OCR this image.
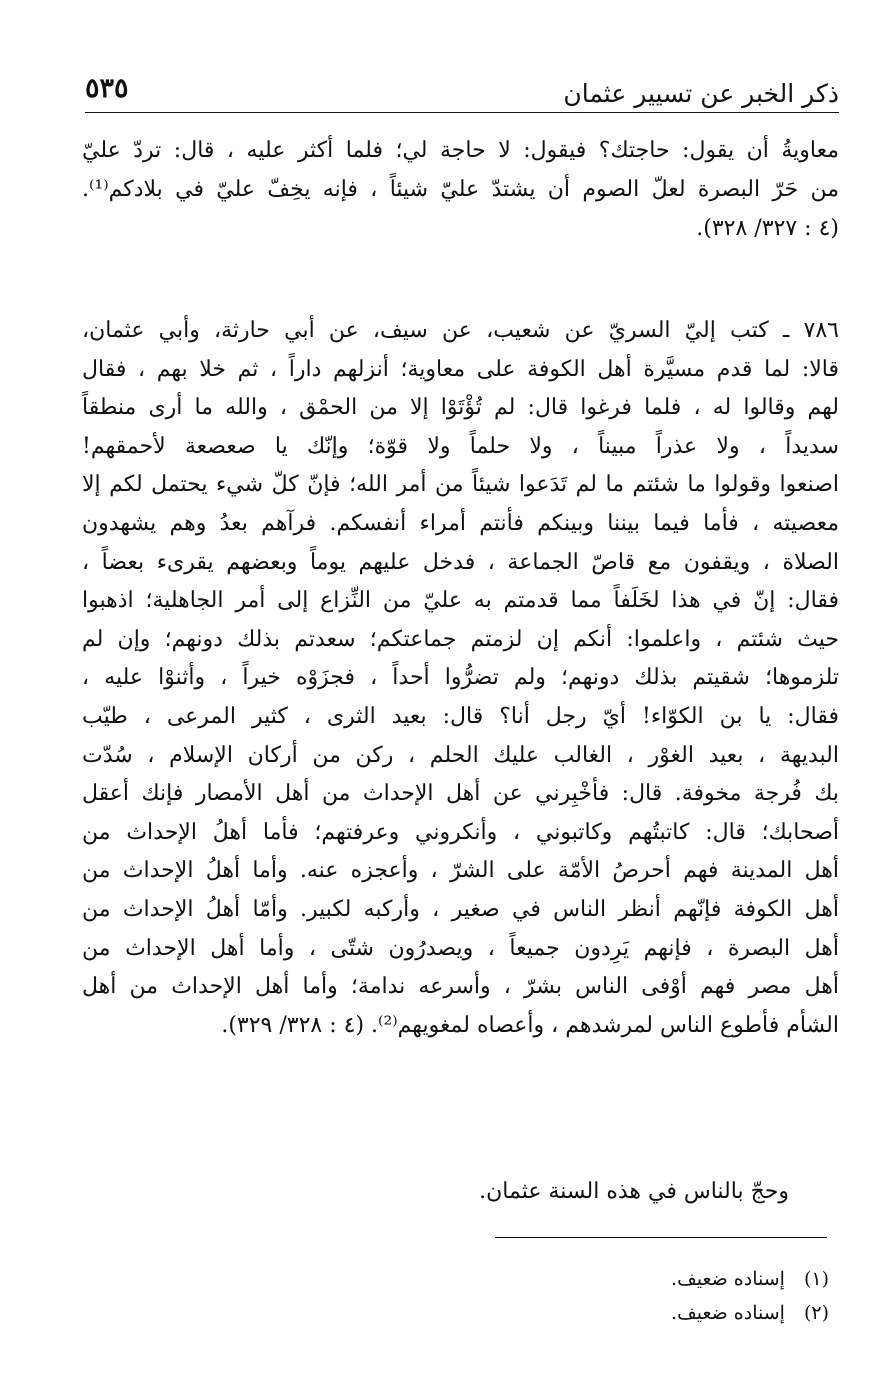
ذكر الخبر عن تسيير عثمان
٥٣٥

معاويةُ أن يقول: حاجتك؟ فيقول: لا حاجة لي؛ فلما أكثر عليه ، قال: تردّ عليّ
من حَرّ البصرة لعلّ الصوم أن يشتدّ عليّ شيئاً ، فإنه يخِفّ عليّ في بلادكم⁽¹⁾.
(٤ : ٣٢٧/ ٣٢٨).

٧٨٦ ـ كتب إليّ السريّ عن شعيب، عن سيف، عن أبي حارثة، وأبي عثمان،
قالا: لما قدم مسيَّرة أهل الكوفة على معاوية؛ أنزلهم داراً ، ثم خلا بهم ، فقال
لهم وقالوا له ، فلما فرغوا قال: لم تُؤْتَوْا إلا من الحمْق ، والله ما أرى منطقاً
سديداً ، ولا عذراً مبيناً ، ولا حلماً ولا قوّة؛ وإنّك يا صعصعة لأحمقهم!
اصنعوا وقولوا ما شئتم ما لم تَدَعوا شيئاً من أمر الله؛ فإنّ كلّ شيء يحتمل لكم إلا
معصيته ، فأما فيما بيننا وبينكم فأنتم أمراء أنفسكم. فرآهم بعدُ وهم يشهدون
الصلاة ، ويقفون مع قاصّ الجماعة ، فدخل عليهم يوماً وبعضهم يقرىء بعضاً ،
فقال: إنّ في هذا لخَلَفاً مما قدمتم به عليّ من النِّزاع إلى أمر الجاهلية؛ اذهبوا
حيث شئتم ، واعلموا: أنكم إن لزمتم جماعتكم؛ سعدتم بذلك دونهم؛ وإن لم
تلزموها؛ شقيتم بذلك دونهم؛ ولم تضرُّوا أحداً ، فجزَوْه خيراً ، وأثنوْا عليه ،
فقال: يا بن الكوّاء! أيّ رجل أنا؟ قال: بعيد الثرى ، كثير المرعى ، طيّب
البديهة ، بعيد الغوْر ، الغالب عليك الحلم ، ركن من أركان الإسلام ، سُدّت
بك فُرجة مخوفة. قال: فأخْبِرني عن أهل الإحداث من أهل الأمصار فإنك أعقل
أصحابك؛ قال: كاتبتُهم وكاتبوني ، وأنكروني وعرفتهم؛ فأما أهلُ الإحداث من
أهل المدينة فهم أحرصُ الأمّة على الشرّ ، وأعجزه عنه. وأما أهلُ الإحداث من
أهل الكوفة فإنّهم أنظر الناس في صغير ، وأركبه لكبير. وأمّا أهلُ الإحداث من
أهل البصرة ، فإنهم يَرِدون جميعاً ، ويصدرُون شتّى ، وأما أهل الإحداث من
أهل مصر فهم أوْفى الناس بشرّ ، وأسرعه ندامة؛ وأما أهل الإحداث من أهل
الشأم فأطوع الناس لمرشدهم ، وأعصاه لمغويهم⁽²⁾. (٤ : ٣٢٨/ ٣٢٩).

وحجّ بالناس في هذه السنة عثمان.

(١) إسناده ضعيف.
(٢) إسناده ضعيف.
